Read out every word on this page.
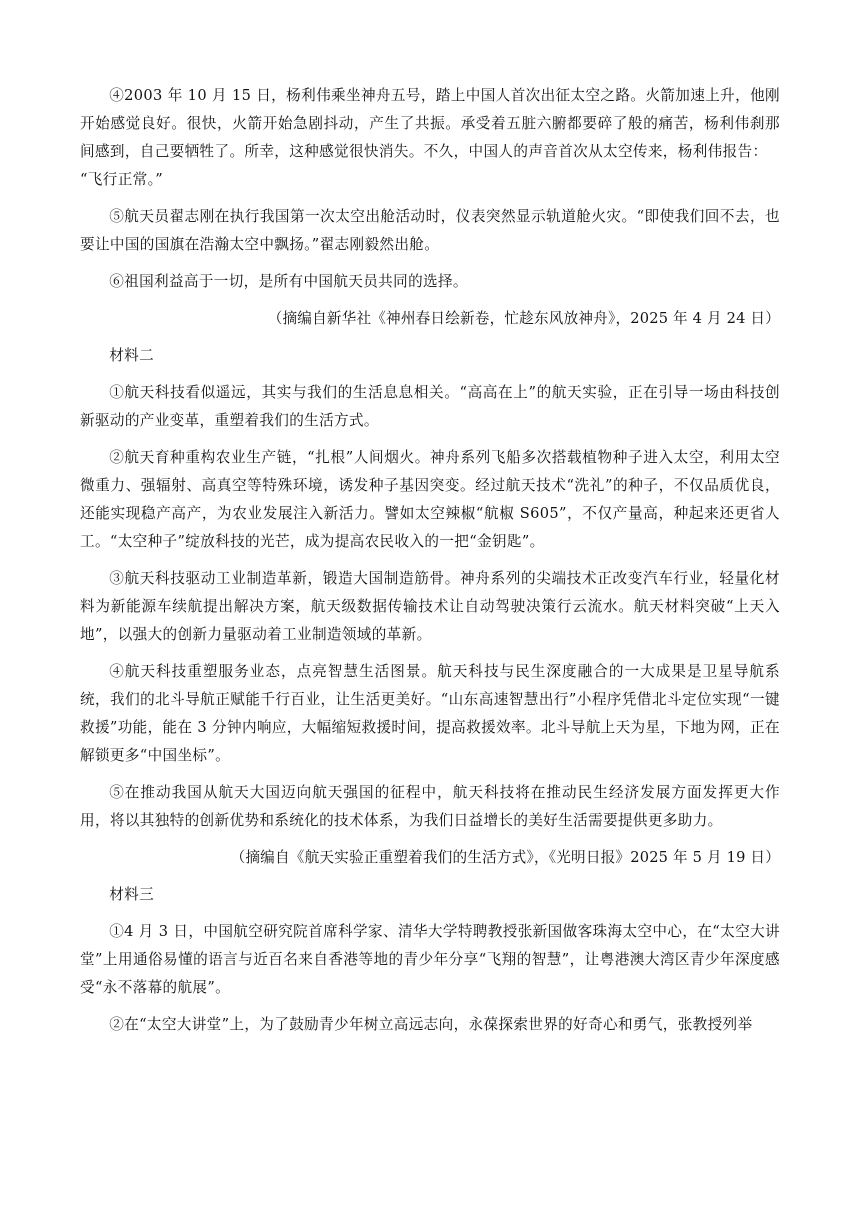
④2003 年 10 月 15 日，杨利伟乘坐神舟五号，踏上中国人首次出征太空之路。火箭加速上升，他刚开始感觉良好。很快，火箭开始急剧抖动，产生了共振。承受着五脏六腑都要碎了般的痛苦，杨利伟刹那间感到，自己要牺牲了。所幸，这种感觉很快消失。不久，中国人的声音首次从太空传来，杨利伟报告：

“飞行正常。”

⑤航天员翟志刚在执行我国第一次太空出舱活动时，仪表突然显示轨道舱火灾。“即使我们回不去，也要让中国的国旗在浩瀚太空中飘扬。”翟志刚毅然出舱。

⑥祖国利益高于一切，是所有中国航天员共同的选择。

（摘编自新华社《神州春日绘新卷，忙趁东风放神舟》，2025 年 4 月 24 日）

材料二

①航天科技看似遥远，其实与我们的生活息息相关。“高高在上”的航天实验，正在引导一场由科技创新驱动的产业变革，重塑着我们的生活方式。

②航天育种重构农业生产链，“扎根”人间烟火。神舟系列飞船多次搭载植物种子进入太空，利用太空微重力、强辐射、高真空等特殊环境，诱发种子基因突变。经过航天技术“洗礼”的种子，不仅品质优良，还能实现稳产高产，为农业发展注入新活力。譬如太空辣椒“航椒 S605”，不仅产量高，种起来还更省人工。“太空种子”绽放科技的光芒，成为提高农民收入的一把“金钥匙”。

③航天科技驱动工业制造革新，锻造大国制造筋骨。神舟系列的尖端技术正改变汽车行业，轻量化材料为新能源车续航提出解决方案，航天级数据传输技术让自动驾驶决策行云流水。航天材料突破“上天入地”，以强大的创新力量驱动着工业制造领域的革新。

④航天科技重塑服务业态，点亮智慧生活图景。航天科技与民生深度融合的一大成果是卫星导航系统，我们的北斗导航正赋能千行百业，让生活更美好。“山东高速智慧出行”小程序凭借北斗定位实现“一键救援”功能，能在 3 分钟内响应，大幅缩短救援时间，提高救援效率。北斗导航上天为星，下地为网，正在解锁更多“中国坐标”。

⑤在推动我国从航天大国迈向航天强国的征程中，航天科技将在推动民生经济发展方面发挥更大作用，将以其独特的创新优势和系统化的技术体系，为我们日益增长的美好生活需要提供更多助力。

（摘编自《航天实验正重塑着我们的生活方式》，《光明日报》2025 年 5 月 19 日）

材料三

①4 月 3 日，中国航空研究院首席科学家、清华大学特聘教授张新国做客珠海太空中心，在“太空大讲堂”上用通俗易懂的语言与近百名来自香港等地的青少年分享“飞翔的智慧”，让粤港澳大湾区青少年深度感受“永不落幕的航展”。

②在“太空大讲堂”上，为了鼓励青少年树立高远志向，永葆探索世界的好奇心和勇气，张教授列举
